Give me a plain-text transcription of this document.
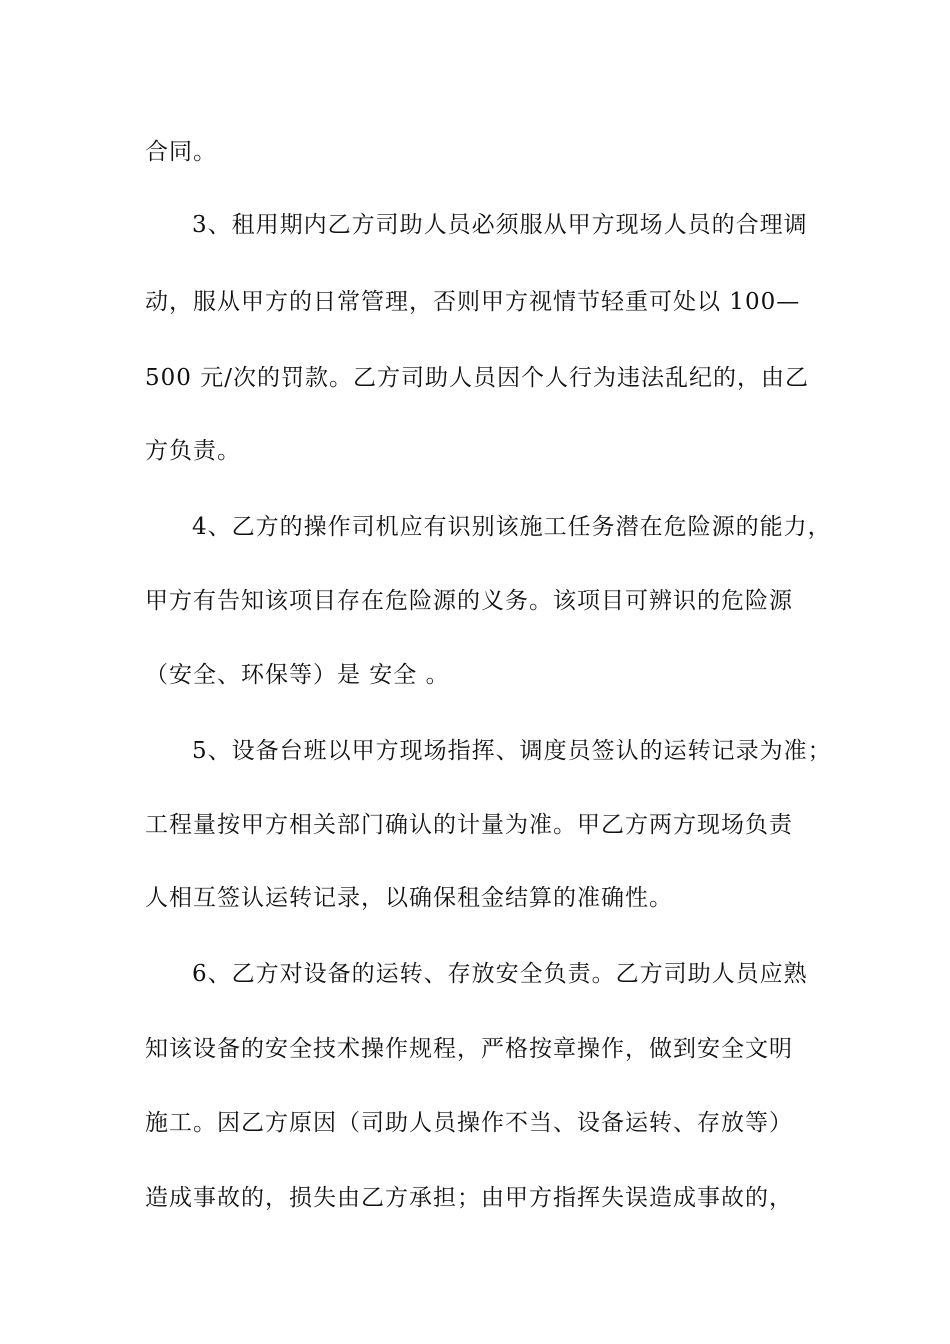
合同。
3、租用期内乙方司助人员必须服从甲方现场人员的合理调
动，服从甲方的日常管理，否则甲方视情节轻重可处以 100—
500 元/次的罚款。乙方司助人员因个人行为违法乱纪的，由乙
方负责。
4、乙方的操作司机应有识别该施工任务潜在危险源的能力，
甲方有告知该项目存在危险源的义务。该项目可辨识的危险源
（安全、环保等）是 安全 。
5、设备台班以甲方现场指挥、调度员签认的运转记录为准；
工程量按甲方相关部门确认的计量为准。甲乙方两方现场负责
人相互签认运转记录，以确保租金结算的准确性。
6、乙方对设备的运转、存放安全负责。乙方司助人员应熟
知该设备的安全技术操作规程，严格按章操作，做到安全文明
施工。因乙方原因（司助人员操作不当、设备运转、存放等）
造成事故的，损失由乙方承担；由甲方指挥失误造成事故的，
